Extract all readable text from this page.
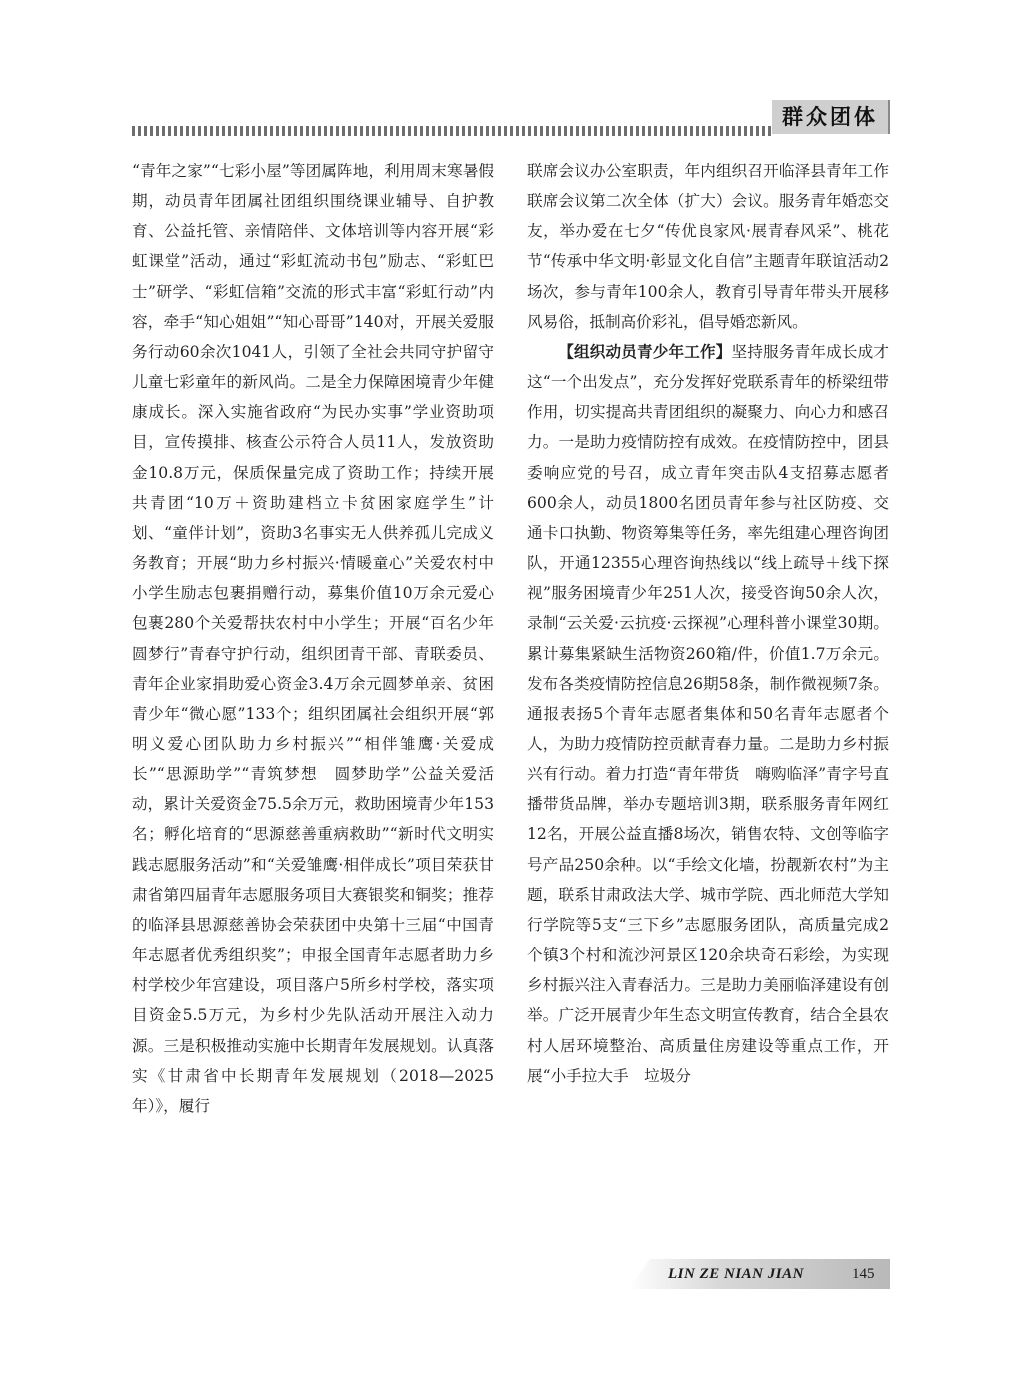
群众团体

“青年之家”“七彩小屋”等团属阵地，利用周末寒暑假期，动员青年团属社团组织围绕课业辅导、自护教育、公益托管、亲情陪伴、文体培训等内容开展“彩虹课堂”活动，通过“彩虹流动书包”励志、“彩虹巴士”研学、“彩虹信箱”交流的形式丰富“彩虹行动”内容，牵手“知心姐姐”“知心哥哥”140对，开展关爱服务行动60余次1041人，引领了全社会共同守护留守儿童七彩童年的新风尚。二是全力保障困境青少年健康成长。深入实施省政府“为民办实事”学业资助项目，宣传摸排、核查公示符合人员11人，发放资助金10.8万元，保质保量完成了资助工作；持续开展共青团“10万＋资助建档立卡贫困家庭学生”计划、“童伴计划”，资助3名事实无人供养孤儿完成义务教育；开展“助力乡村振兴·情暖童心”关爱农村中小学生励志包裹捐赠行动，募集价值10万余元爱心包裹280个关爱帮扶农村中小学生；开展“百名少年圆梦行”青春守护行动，组织团青干部、青联委员、青年企业家捐助爱心资金3.4万余元圆梦单亲、贫困青少年“微心愿”133个；组织团属社会组织开展“郭明义爱心团队助力乡村振兴”“相伴雏鹰·关爱成长”“思源助学”“青筑梦想　圆梦助学”公益关爱活动，累计关爱资金75.5余万元，救助困境青少年153名；孵化培育的“思源慈善重病救助”“新时代文明实践志愿服务活动”和“关爱雏鹰·相伴成长”项目荣获甘肃省第四届青年志愿服务项目大赛银奖和铜奖；推荐的临泽县思源慈善协会荣获团中央第十三届“中国青年志愿者优秀组织奖”；申报全国青年志愿者助力乡村学校少年宫建设，项目落户5所乡村学校，落实项目资金5.5万元，为乡村少先队活动开展注入动力源。三是积极推动实施中长期青年发展规划。认真落实《甘肃省中长期青年发展规划（2018—2025年）》，履行

联席会议办公室职责，年内组织召开临泽县青年工作联席会议第二次全体（扩大）会议。服务青年婚恋交友，举办爱在七夕“传优良家风·展青春风采”、桃花节“传承中华文明·彰显文化自信”主题青年联谊活动2场次，参与青年100余人，教育引导青年带头开展移风易俗，抵制高价彩礼，倡导婚恋新风。

【组织动员青少年工作】坚持服务青年成长成才这“一个出发点”，充分发挥好党联系青年的桥梁纽带作用，切实提高共青团组织的凝聚力、向心力和感召力。一是助力疫情防控有成效。在疫情防控中，团县委响应党的号召，成立青年突击队4支招募志愿者600余人，动员1800名团员青年参与社区防疫、交通卡口执勤、物资筹集等任务，率先组建心理咨询团队，开通12355心理咨询热线以“线上疏导＋线下探视”服务困境青少年251人次，接受咨询50余人次，录制“云关爱·云抗疫·云探视”心理科普小课堂30期。累计募集紧缺生活物资260箱/件，价值1.7万余元。发布各类疫情防控信息26期58条，制作微视频7条。通报表扬5个青年志愿者集体和50名青年志愿者个人，为助力疫情防控贡献青春力量。二是助力乡村振兴有行动。着力打造“青年带货　嗨购临泽”青字号直播带货品牌，举办专题培训3期，联系服务青年网红12名，开展公益直播8场次，销售农特、文创等临字号产品250余种。以“手绘文化墙，扮靓新农村”为主题，联系甘肃政法大学、城市学院、西北师范大学知行学院等5支“三下乡”志愿服务团队，高质量完成2个镇3个村和流沙河景区120余块奇石彩绘，为实现乡村振兴注入青春活力。三是助力美丽临泽建设有创举。广泛开展青少年生态文明宣传教育，结合全县农村人居环境整治、高质量住房建设等重点工作，开展“小手拉大手　垃圾分

LIN ZE NIAN JIAN	145
